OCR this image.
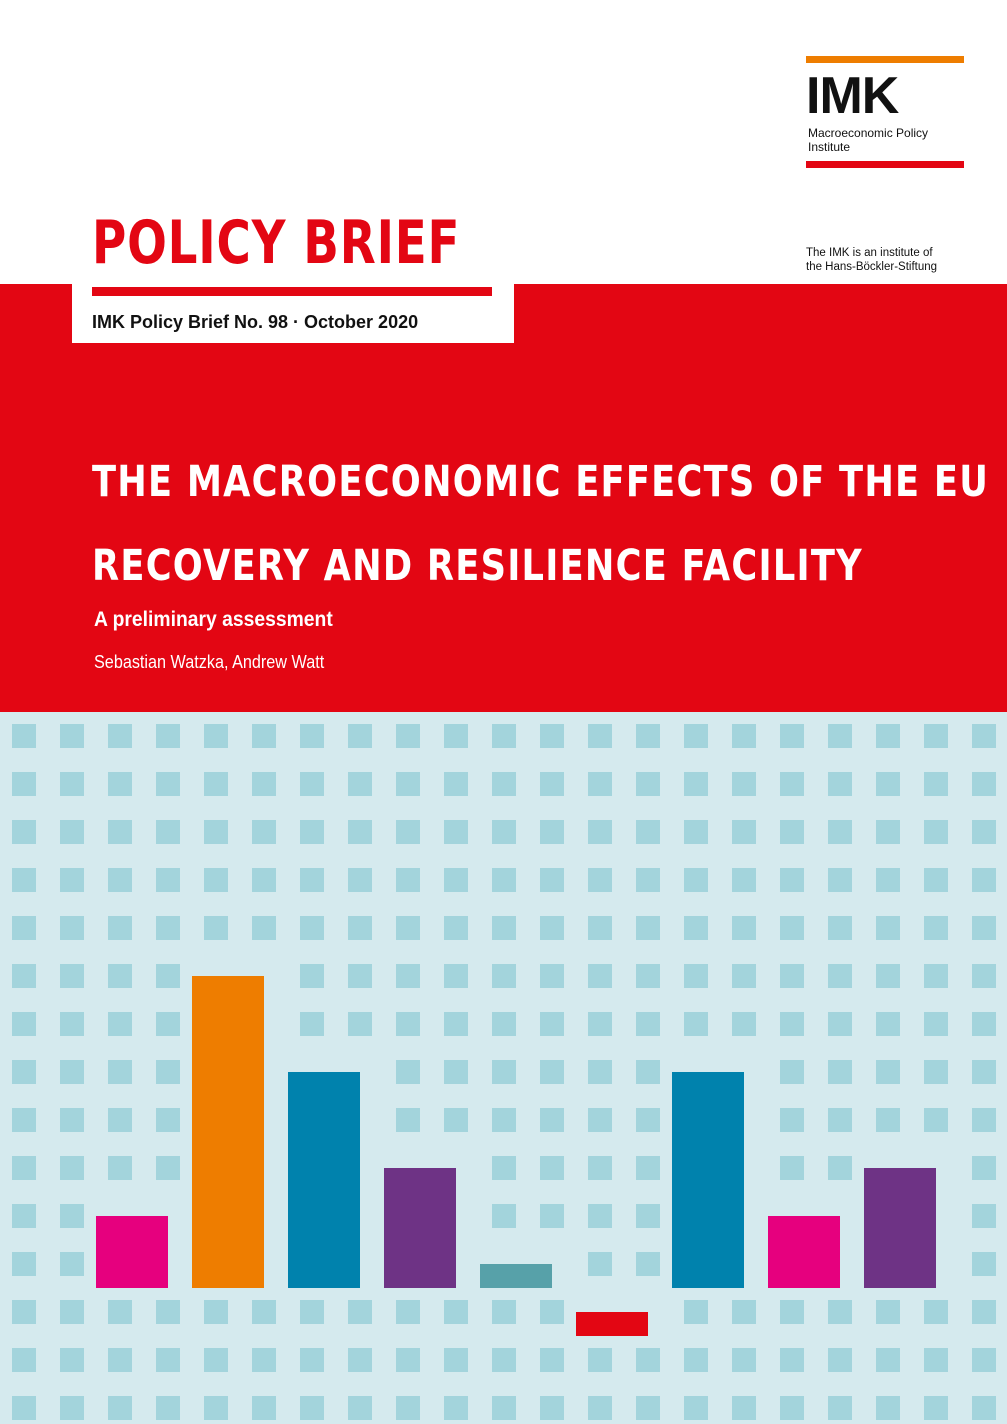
IMK
Macroeconomic Policy
Institute
The IMK is an institute of
the Hans-Böckler-Stiftung
POLICY BRIEF
IMK Policy Brief No. 98 · October 2020
THE MACROECONOMIC EFFECTS OF THE EU
RECOVERY AND RESILIENCE FACILITY
A preliminary assessment
Sebastian Watzka, Andrew Watt
